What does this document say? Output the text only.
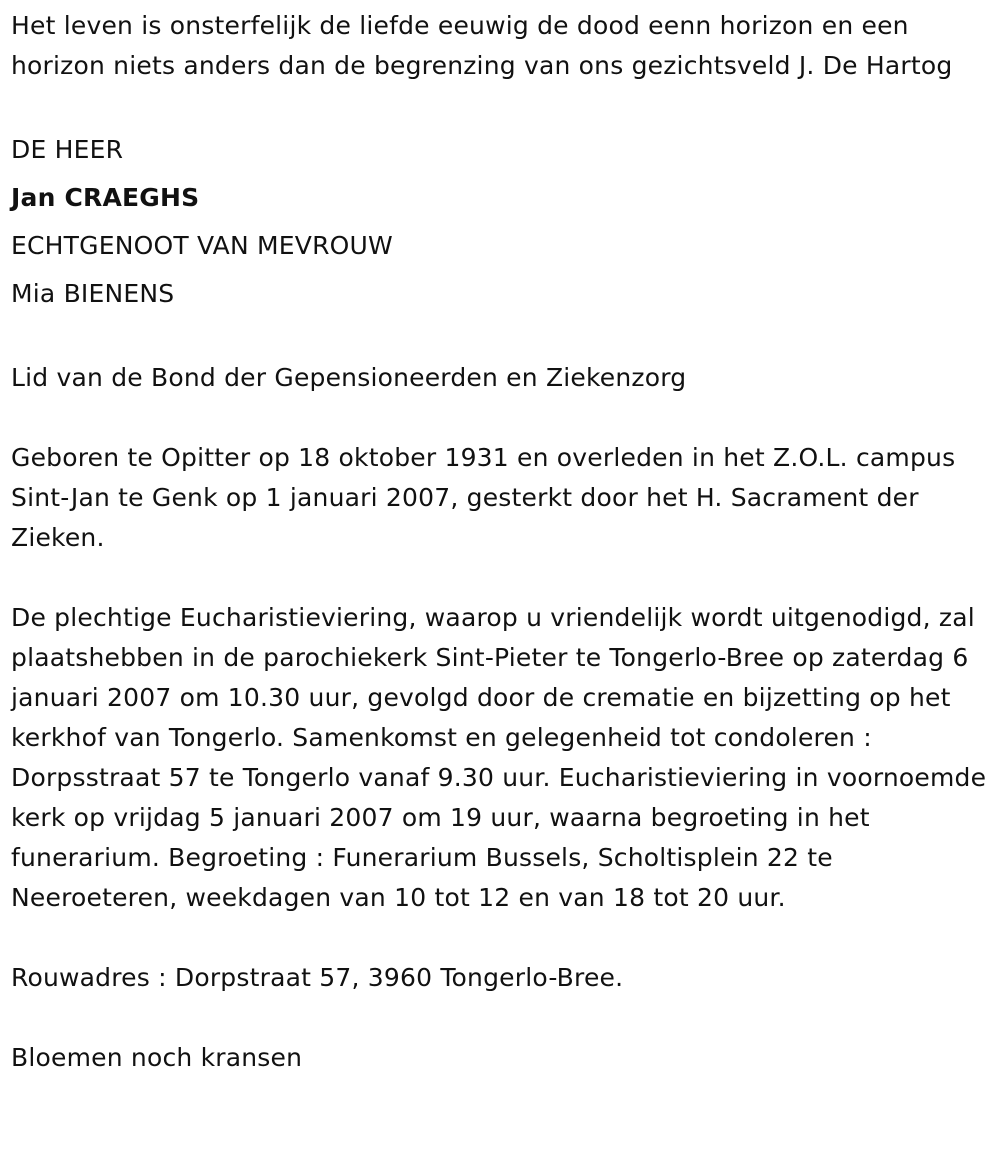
Het leven is onsterfelijk de liefde eeuwig de dood eenn horizon en een horizon niets anders dan de begrenzing van ons gezichtsveld J. De Hartog

DE HEER

Jan CRAEGHS

ECHTGENOOT VAN MEVROUW

Mia BIENENS

Lid van de Bond der Gepensioneerden en Ziekenzorg

Geboren te Opitter op 18 oktober 1931 en overleden in het Z.O.L. campus Sint-Jan te Genk op 1 januari 2007, gesterkt door het H. Sacrament der Zieken.

De plechtige Eucharistieviering, waarop u vriendelijk wordt uitgenodigd, zal plaatshebben in de parochiekerk Sint-Pieter te Tongerlo-Bree op zaterdag 6 januari 2007 om 10.30 uur, gevolgd door de crematie en bijzetting op het kerkhof van Tongerlo. Samenkomst en gelegenheid tot condoleren : Dorpsstraat 57 te Tongerlo vanaf 9.30 uur. Eucharistieviering in voornoemde kerk op vrijdag 5 januari 2007 om 19 uur, waarna begroeting in het funerarium. Begroeting : Funerarium Bussels, Scholtisplein 22 te Neeroeteren, weekdagen van 10 tot 12 en van 18 tot 20 uur.

Rouwadres : Dorpstraat 57, 3960 Tongerlo-Bree.

Bloemen noch kransen
